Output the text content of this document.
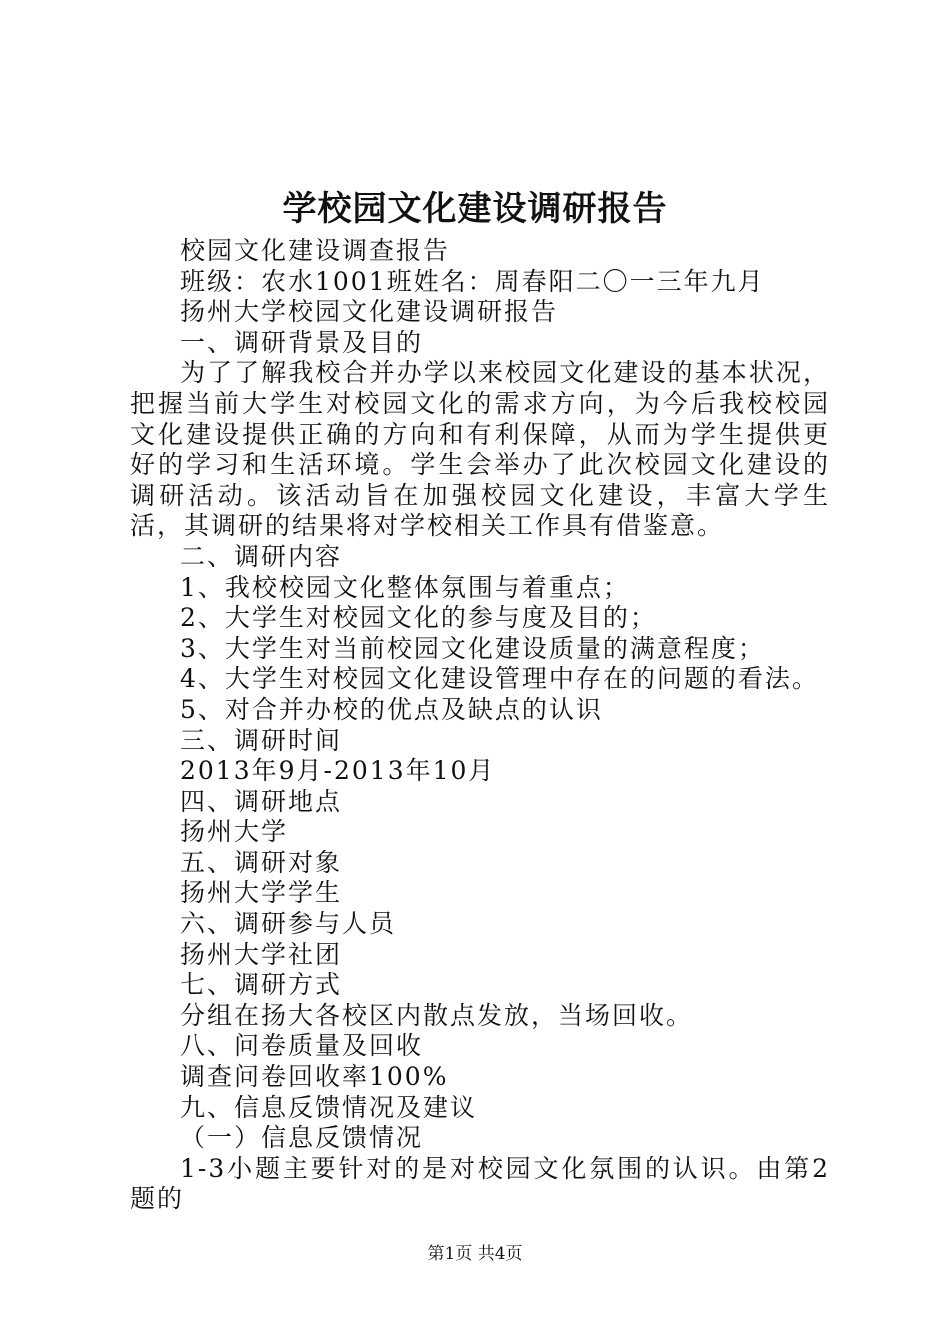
学校园文化建设调研报告

校园文化建设调查报告

班级：农水1001班姓名：周春阳二〇一三年九月

扬州大学校园文化建设调研报告

一、调研背景及目的

为了了解我校合并办学以来校园文化建设的基本状况，把握当前大学生对校园文化的需求方向，为今后我校校园文化建设提供正确的方向和有利保障，从而为学生提供更好的学习和生活环境。学生会举办了此次校园文化建设的调研活动。该活动旨在加强校园文化建设，丰富大学生活，其调研的结果将对学校相关工作具有借鉴意。

二、调研内容

1、我校校园文化整体氛围与着重点；

2、大学生对校园文化的参与度及目的；

3、大学生对当前校园文化建设质量的满意程度；

4、大学生对校园文化建设管理中存在的问题的看法。

5、对合并办校的优点及缺点的认识

三、调研时间

2013年9月-2013年10月

四、调研地点

扬州大学

五、调研对象

扬州大学学生

六、调研参与人员

扬州大学社团

七、调研方式

分组在扬大各校区内散点发放，当场回收。

八、问卷质量及回收

调查问卷回收率100%

九、信息反馈情况及建议

（一）信息反馈情况

1-3小题主要针对的是对校园文化氛围的认识。由第2题的

第1页 共4页
